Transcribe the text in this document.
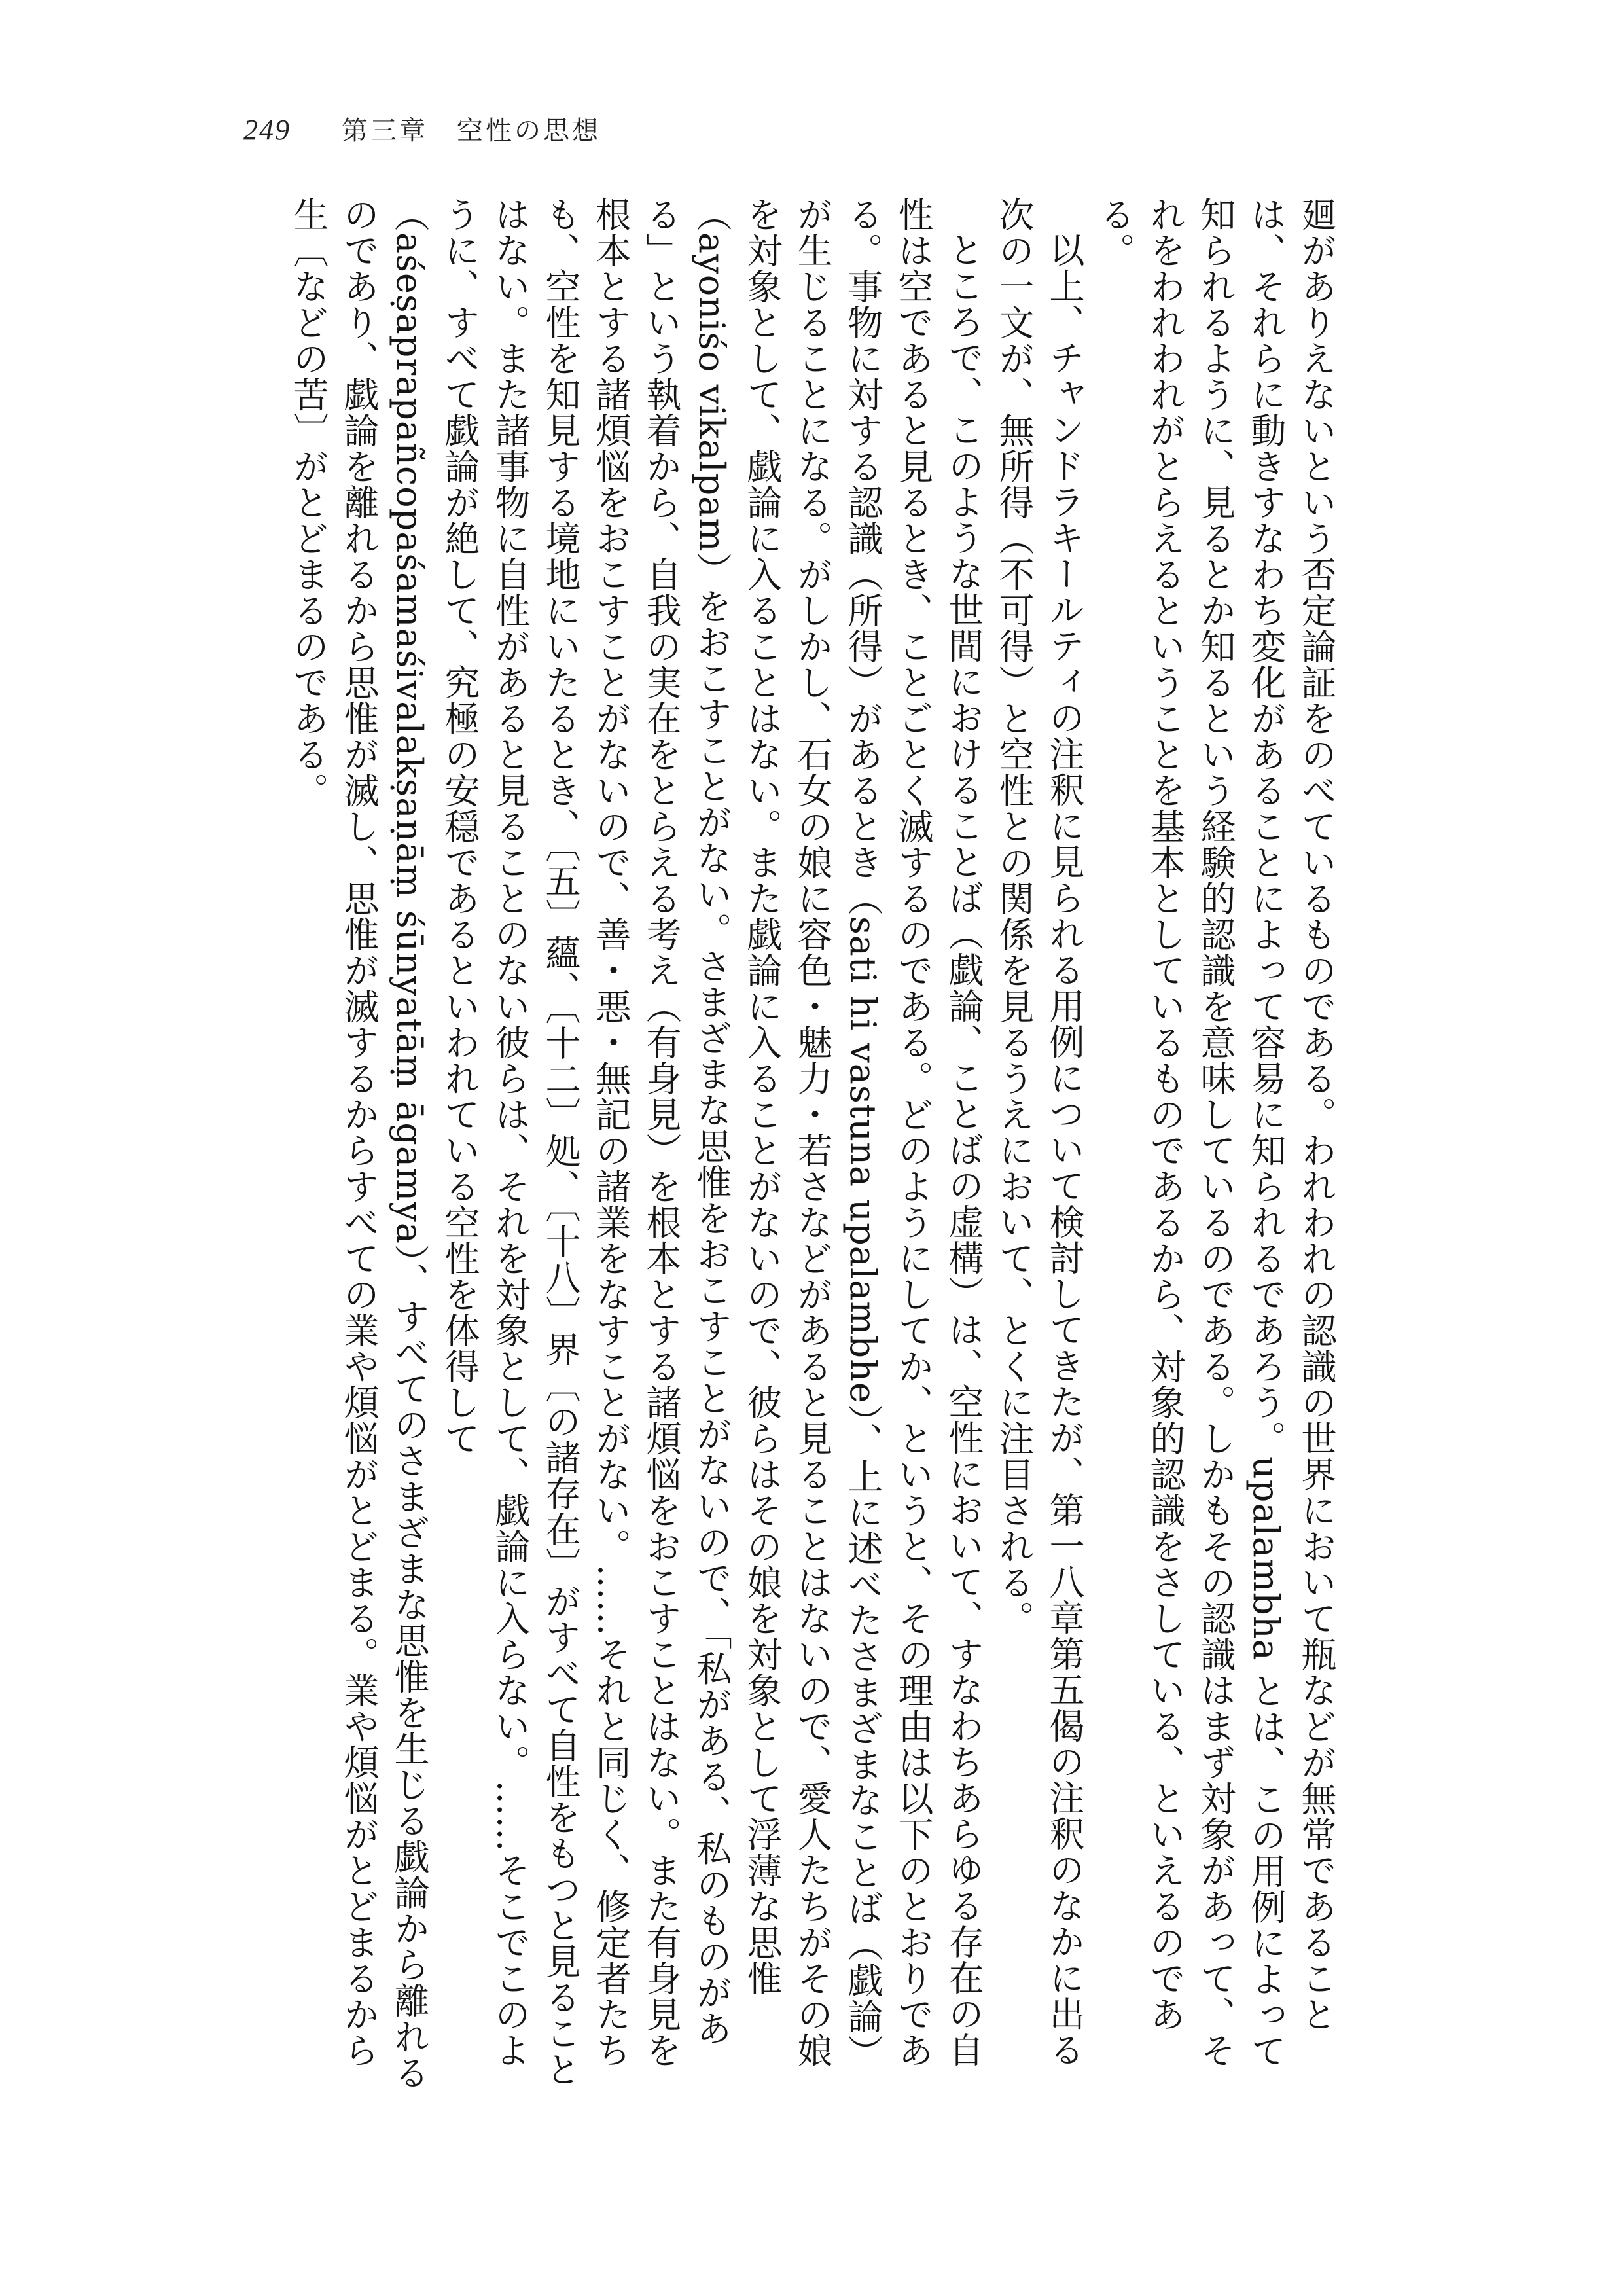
249 第三章　空性の思想

廻がありえないという否定論証をのべているものである。われわれの認識の世界において瓶などが無常であることは、それらに動きすなわち変化があることによって容易に知られるであろう。upalambha とは、この用例によって知られるように、見るとか知るという経験的認識を意味しているのである。しかもその認識はまず対象があって、それをわれわれがとらえるということを基本としているものであるから、対象的認識をさしている、といえるのである。

以上、チャンドラキールティの注釈に見られる用例について検討してきたが、第一八章第五偈の注釈のなかに出る次の一文が、無所得（不可得）と空性との関係を見るうえにおいて、とくに注目される。

ところで、このような世間におけることば（戯論、ことばの虚構）は、空性において、すなわちあらゆる存在の自性は空であると見るとき、ことごとく滅するのである。どのようにしてか、というと、その理由は以下のとおりである。事物に対する認識（所得）があるとき（sati hi vastuna upalambhe）、上に述べたさまざまなことば（戯論）が生じることになる。がしかし、石女の娘に容色・魅力・若さなどがあると見ることはないので、愛人たちがその娘を対象として、戯論に入ることはない。また戯論に入ることがないので、彼らはその娘を対象として浮薄な思惟（ayoniśo vikalpam）をおこすことがない。さまざまな思惟をおこすことがないので、「私がある、私のものがある」という執着から、自我の実在をとらえる考え（有身見）を根本とする諸煩悩をおこすことはない。また有身見を根本とする諸煩悩をおこすことがないので、善・悪・無記の諸業をなすことがない。……それと同じく、修定者たちも、空性を知見する境地にいたるとき、〔五〕蘊、〔十二〕処、〔十八〕界〔の諸存在〕がすべて自性をもつと見ることはない。また諸事物に自性があると見ることのない彼らは、それを対象として、戯論に入らない。……そこでこのように、すべて戯論が絶して、究極の安穏であるといわれている空性を体得して（aśeṣaprapañcopaśamaśivalakṣaṇāṃ śūnyatāṃ āgamya）、すべてのさまざまな思惟を生じる戯論から離れるのであり、戯論を離れるから思惟が滅し、思惟が滅するからすべての業や煩悩がとどまる。業や煩悩がとどまるから生〔などの苦〕がとどまるのである。
